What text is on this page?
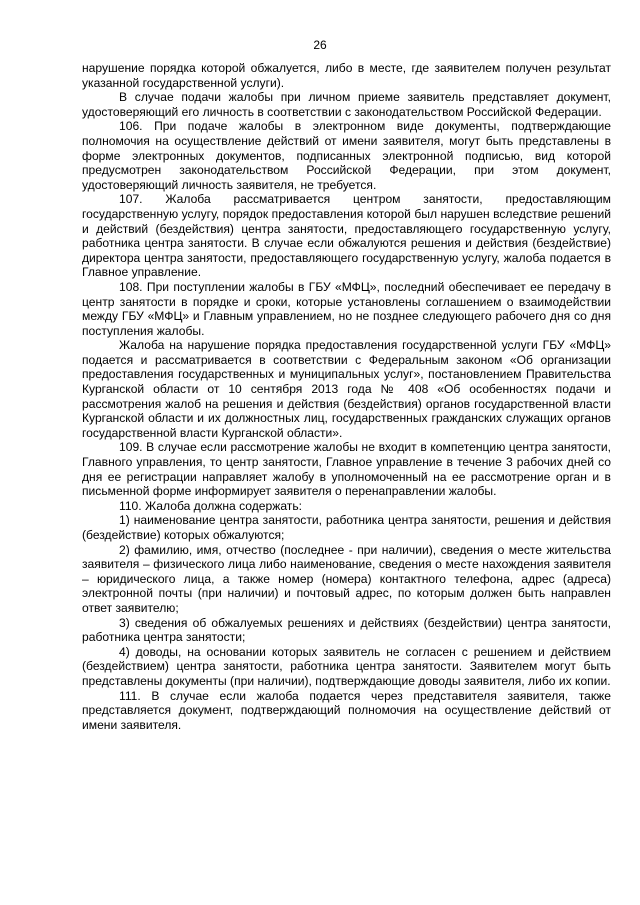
26

нарушение порядка которой обжалуется, либо в месте, где заявителем получен результат указанной государственной услуги).

В случае подачи жалобы при личном приеме заявитель представляет документ, удостоверяющий его личность в соответствии с законодательством Российской Федерации.

106. При подаче жалобы в электронном виде документы, подтверждающие полномочия на осуществление действий от имени заявителя, могут быть представлены в форме электронных документов, подписанных электронной подписью, вид которой предусмотрен законодательством Российской Федерации, при этом документ, удостоверяющий личность заявителя, не требуется.

107. Жалоба рассматривается центром занятости, предоставляющим государственную услугу, порядок предоставления которой был нарушен вследствие решений и действий (бездействия) центра занятости, предоставляющего государственную услугу, работника центра занятости. В случае если обжалуются решения и действия (бездействие) директора центра занятости, предоставляющего государственную услугу, жалоба подается в Главное управление.

108. При поступлении жалобы в ГБУ «МФЦ», последний обеспечивает ее передачу в центр занятости в порядке и сроки, которые установлены соглашением о взаимодействии между ГБУ «МФЦ» и Главным управлением, но не позднее следующего рабочего дня со дня поступления жалобы.

Жалоба на нарушение порядка предоставления государственной услуги ГБУ «МФЦ» подается и рассматривается в соответствии с Федеральным законом «Об организации предоставления государственных и муниципальных услуг», постановлением Правительства Курганской области от 10 сентября 2013 года № 408 «Об особенностях подачи и рассмотрения жалоб на решения и действия (бездействия) органов государственной власти Курганской области и их должностных лиц, государственных гражданских служащих органов государственной власти Курганской области».

109. В случае если рассмотрение жалобы не входит в компетенцию центра занятости, Главного управления, то центр занятости, Главное управление в течение 3 рабочих дней со дня ее регистрации направляет жалобу в уполномоченный на ее рассмотрение орган и в письменной форме информирует заявителя о перенаправлении жалобы.

110. Жалоба должна содержать:

1) наименование центра занятости, работника центра занятости, решения и действия (бездействие) которых обжалуются;

2) фамилию, имя, отчество (последнее - при наличии), сведения о месте жительства заявителя – физического лица либо наименование, сведения о месте нахождения заявителя – юридического лица, а также номер (номера) контактного телефона, адрес (адреса) электронной почты (при наличии) и почтовый адрес, по которым должен быть направлен ответ заявителю;

3) сведения об обжалуемых решениях и действиях (бездействии) центра занятости, работника центра занятости;

4) доводы, на основании которых заявитель не согласен с решением и действием (бездействием) центра занятости, работника центра занятости. Заявителем могут быть представлены документы (при наличии), подтверждающие доводы заявителя, либо их копии.

111. В случае если жалоба подается через представителя заявителя, также представляется документ, подтверждающий полномочия на осуществление действий от имени заявителя.
